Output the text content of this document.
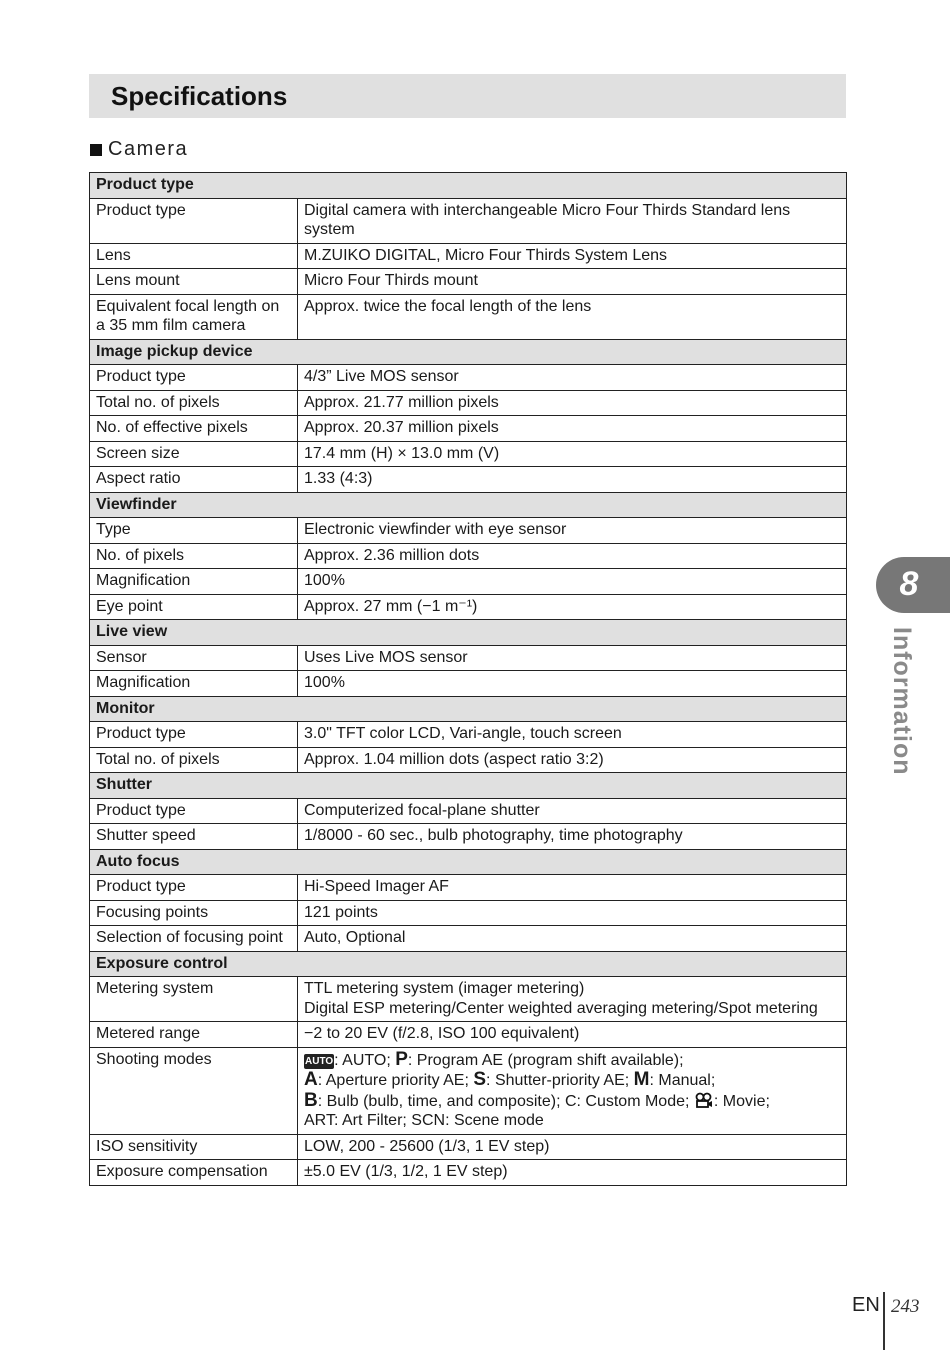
Specifications
Camera
Product type	
Product type	Digital camera with interchangeable Micro Four Thirds Standard lens system
Lens	M.ZUIKO DIGITAL, Micro Four Thirds System Lens
Lens mount	Micro Four Thirds mount
Equivalent focal length on a 35 mm film camera	Approx. twice the focal length of the lens
Image pickup device	
Product type	4/3” Live MOS sensor
Total no. of pixels	Approx. 21.77 million pixels
No. of effective pixels	Approx. 20.37 million pixels
Screen size	17.4 mm (H) × 13.0 mm (V)
Aspect ratio	1.33 (4:3)
Viewfinder	
Type	Electronic viewfinder with eye sensor
No. of pixels	Approx. 2.36 million dots
Magnification	100%
Eye point	Approx. 27 mm (−1 m⁻¹)
Live view	
Sensor	Uses Live MOS sensor
Magnification	100%
Monitor	
Product type	3.0" TFT color LCD, Vari-angle, touch screen
Total no. of pixels	Approx. 1.04 million dots (aspect ratio 3:2)
Shutter	
Product type	Computerized focal-plane shutter
Shutter speed	1/8000 - 60 sec., bulb photography, time photography
Auto focus	
Product type	Hi-Speed Imager AF
Focusing points	121 points
Selection of focusing point	Auto, Optional
Exposure control	
Metering system	TTL metering system (imager metering)
Digital ESP metering/Center weighted averaging metering/Spot metering

Metered range	−2 to 20 EV (f/2.8, ISO 100 equivalent)
Shooting modes	AUTO: AUTO; P: Program AE (program shift available);
A: Aperture priority AE; S: Shutter-priority AE; M: Manual;
B: Bulb (bulb, time, and composite); C: Custom Mode; : Movie;
ART: Art Filter; SCN: Scene mode

ISO sensitivity	LOW, 200 - 25600 (1/3, 1 EV step)
Exposure compensation	±5.0 EV (1/3, 1/2, 1 EV step)
8
Information
EN 243
